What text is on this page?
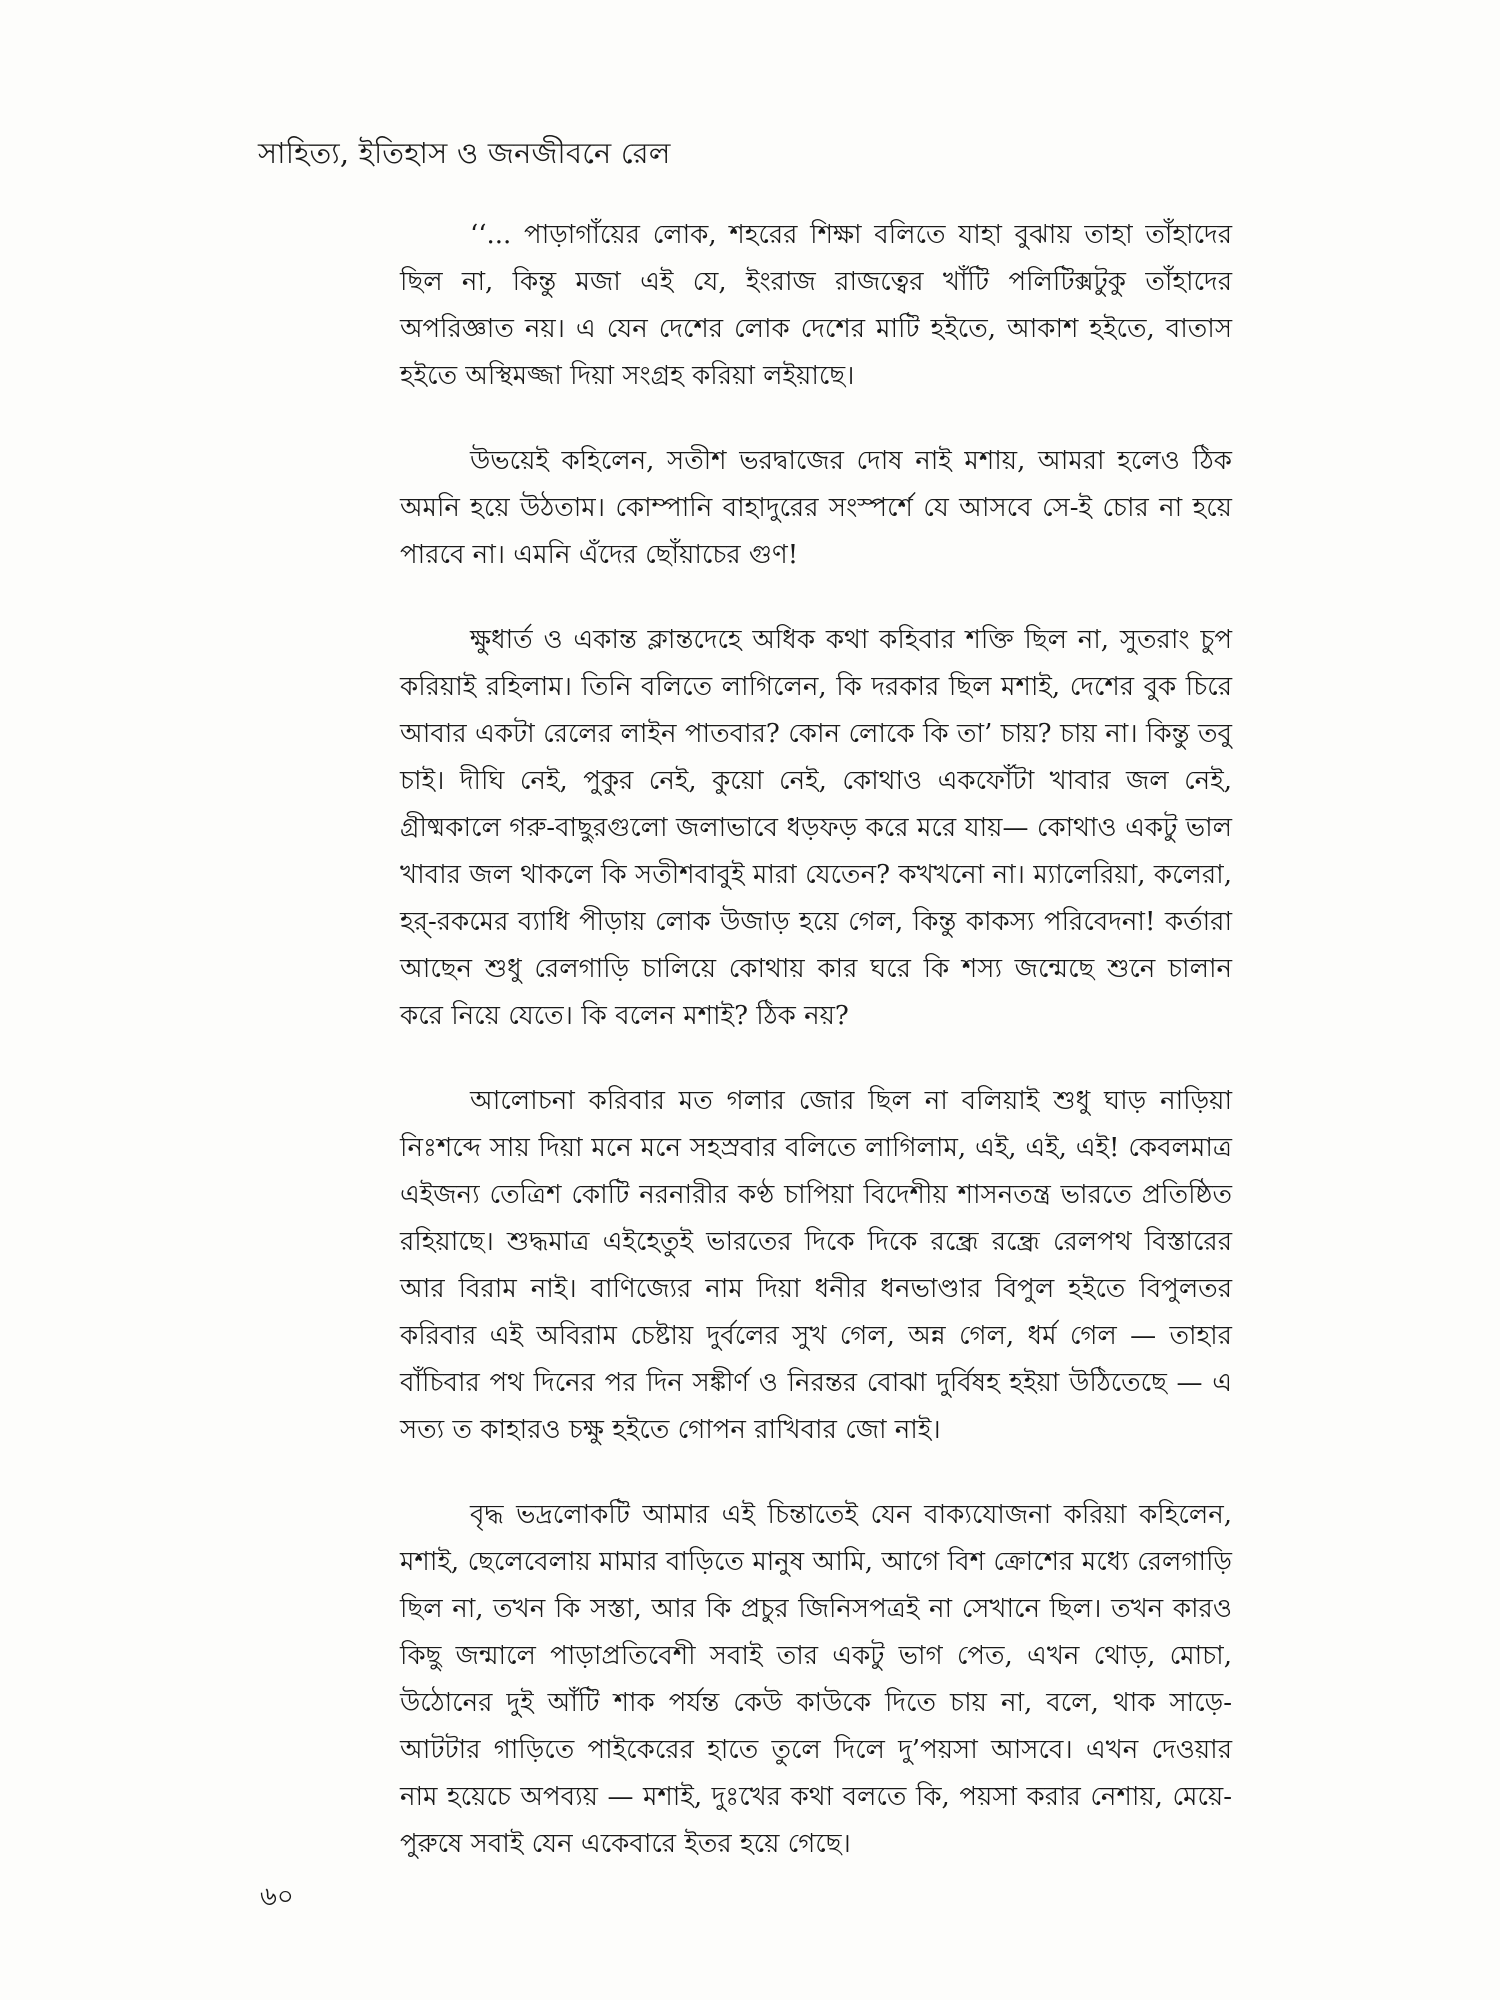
সাহিত্য, ইতিহাস ও জনজীবনে রেল

‘‘... পাড়াগাঁয়ের লোক, শহরের শিক্ষা বলিতে যাহা বুঝায় তাহা তাঁহাদের ছিল না, কিন্তু মজা এই যে, ইংরাজ রাজত্বের খাঁটি পলিটিক্সটুকু তাঁহাদের অপরিজ্ঞাত নয়। এ যেন দেশের লোক দেশের মাটি হইতে, আকাশ হইতে, বাতাস হইতে অস্থিমজ্জা দিয়া সংগ্রহ করিয়া লইয়াছে।

উভয়েই কহিলেন, সতীশ ভরদ্বাজের দোষ নাই মশায়, আমরা হলেও ঠিক অমনি হয়ে উঠতাম। কোম্পানি বাহাদুরের সংস্পর্শে যে আসবে সে-ই চোর না হয়ে পারবে না। এমনি এঁদের ছোঁয়াচের গুণ!

ক্ষুধার্ত ও একান্ত ক্লান্তদেহে অধিক কথা কহিবার শক্তি ছিল না, সুতরাং চুপ করিয়াই রহিলাম। তিনি বলিতে লাগিলেন, কি দরকার ছিল মশাই, দেশের বুক চিরে আবার একটা রেলের লাইন পাতবার? কোন লোকে কি তা’ চায়? চায় না। কিন্তু তবু চাই। দীঘি নেই, পুকুর নেই, কুয়ো নেই, কোথাও একফোঁটা খাবার জল নেই, গ্রীষ্মকালে গরু-বাছুরগুলো জলাভাবে ধড়ফড় করে মরে যায়— কোথাও একটু ভাল খাবার জল থাকলে কি সতীশবাবুই মারা যেতেন? কখখনো না। ম্যালেরিয়া, কলেরা, হর্-রকমের ব্যাধি পীড়ায় লোক উজাড় হয়ে গেল, কিন্তু কাকস্য পরিবেদনা! কর্তারা আছেন শুধু রেলগাড়ি চালিয়ে কোথায় কার ঘরে কি শস্য জন্মেছে শুনে চালান করে নিয়ে যেতে। কি বলেন মশাই? ঠিক নয়?

আলোচনা করিবার মত গলার জোর ছিল না বলিয়াই শুধু ঘাড় নাড়িয়া নিঃশব্দে সায় দিয়া মনে মনে সহস্রবার বলিতে লাগিলাম, এই, এই, এই! কেবলমাত্র এইজন্য তেত্রিশ কোটি নরনারীর কণ্ঠ চাপিয়া বিদেশীয় শাসনতন্ত্র ভারতে প্রতিষ্ঠিত রহিয়াছে। শুদ্ধমাত্র এইহেতুই ভারতের দিকে দিকে রন্ধ্রে রন্ধ্রে রেলপথ বিস্তারের আর বিরাম নাই। বাণিজ্যের নাম দিয়া ধনীর ধনভাণ্ডার বিপুল হইতে বিপুলতর করিবার এই অবিরাম চেষ্টায় দুর্বলের সুখ গেল, অন্ন গেল, ধর্ম গেল — তাহার বাঁচিবার পথ দিনের পর দিন সঙ্কীর্ণ ও নিরন্তর বোঝা দুর্বিষহ হইয়া উঠিতেছে — এ সত্য ত কাহারও চক্ষু হইতে গোপন রাখিবার জো নাই।

বৃদ্ধ ভদ্রলোকটি আমার এই চিন্তাতেই যেন বাক্যযোজনা করিয়া কহিলেন, মশাই, ছেলেবেলায় মামার বাড়িতে মানুষ আমি, আগে বিশ ক্রোশের মধ্যে রেলগাড়ি ছিল না, তখন কি সস্তা, আর কি প্রচুর জিনিসপত্রই না সেখানে ছিল। তখন কারও কিছু জন্মালে পাড়াপ্রতিবেশী সবাই তার একটু ভাগ পেত, এখন থোড়, মোচা, উঠোনের দুই আঁটি শাক পর্যন্ত কেউ কাউকে দিতে চায় না, বলে, থাক সাড়ে-আটটার গাড়িতে পাইকেরের হাতে তুলে দিলে দু’পয়সা আসবে। এখন দেওয়ার নাম হয়েচে অপব্যয় — মশাই, দুঃখের কথা বলতে কি, পয়সা করার নেশায়, মেয়ে-পুরুষে সবাই যেন একেবারে ইতর হয়ে গেছে।

৬০
